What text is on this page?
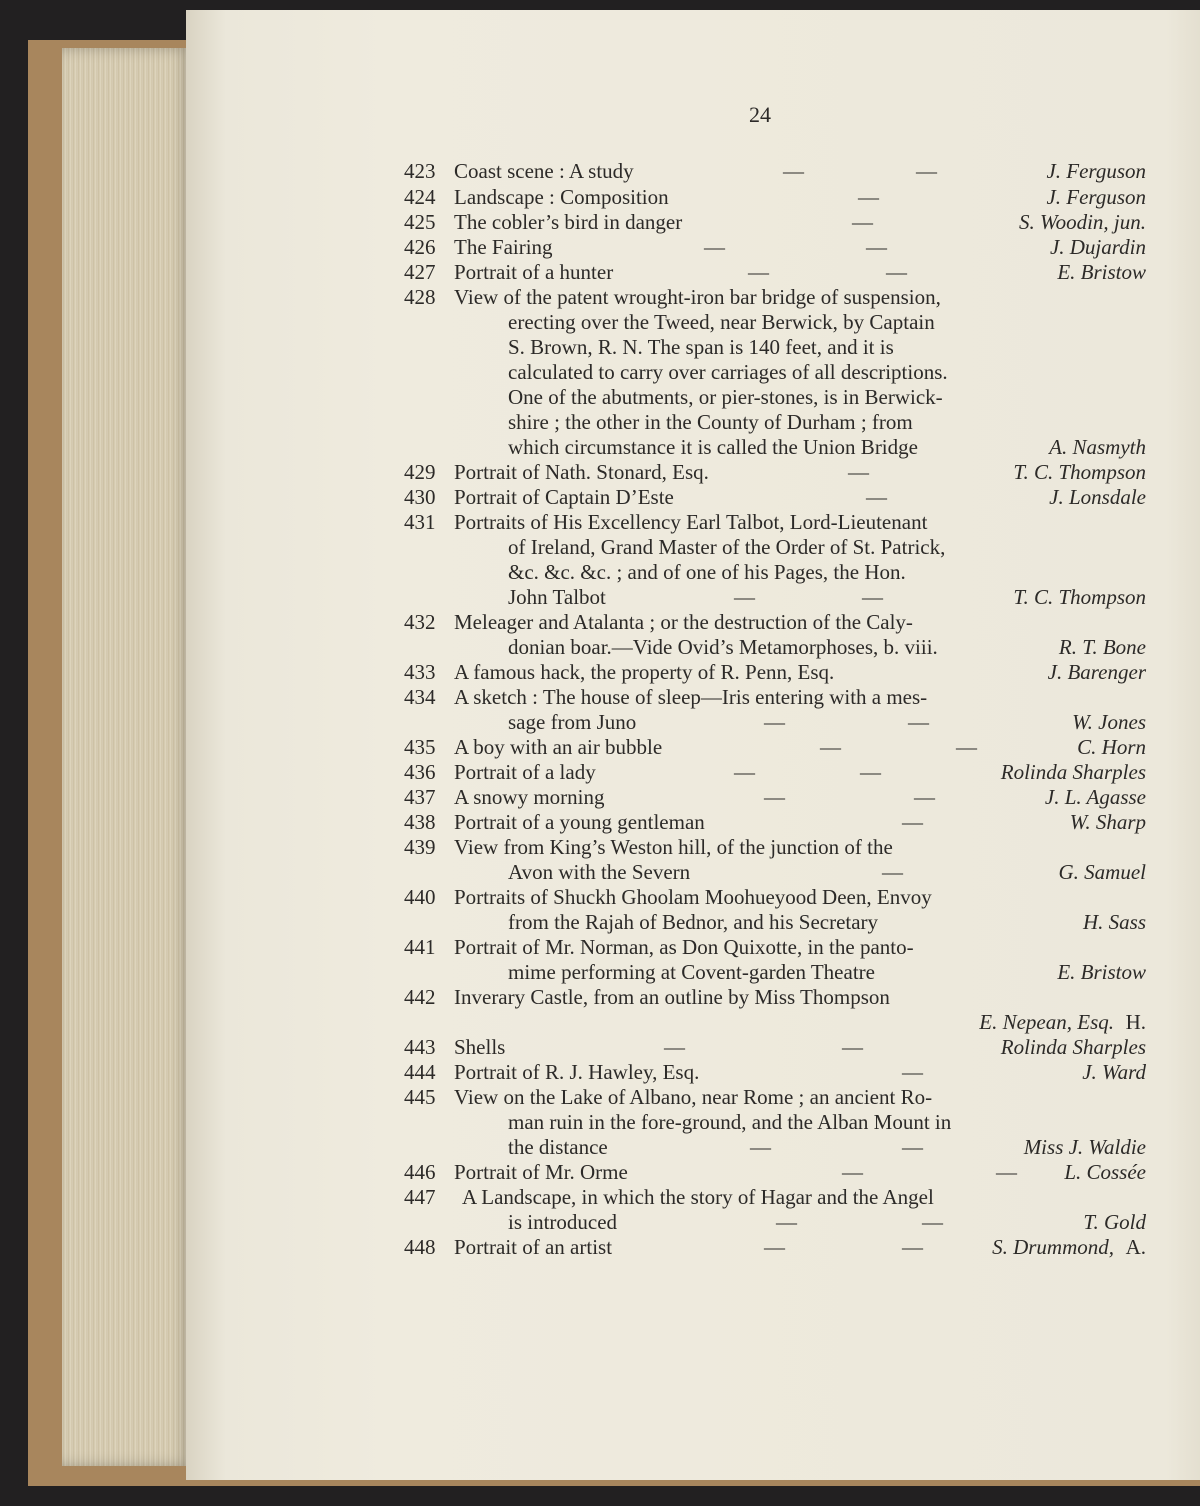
24
423 Coast scene : A study	—	—	J. Ferguson
424 Landscape : Composition	—	J. Ferguson
425 The cobler’s bird in danger	—	S. Woodin, jun.
426 The Fairing	—	—	J. Dujardin
427 Portrait of a hunter	—	—	E. Bristow
428 View of the patent wrought-iron bar bridge of suspension,
erecting over the Tweed, near Berwick, by Captain
S. Brown, R. N. The span is 140 feet, and it is
calculated to carry over carriages of all descriptions.
One of the abutments, or pier-stones, is in Berwick-
shire ; the other in the County of Durham ; from
which circumstance it is called the Union Bridge	A. Nasmyth
429 Portrait of Nath. Stonard, Esq.	—	T. C. Thompson
430 Portrait of Captain D’Este	—	J. Lonsdale
431 Portraits of His Excellency Earl Talbot, Lord-Lieutenant
of Ireland, Grand Master of the Order of St. Patrick,
&c. &c. &c. ; and of one of his Pages, the Hon.
John Talbot	—	—	T. C. Thompson
432 Meleager and Atalanta ; or the destruction of the Caly-
donian boar.—Vide Ovid’s Metamorphoses, b. viii.	R. T. Bone
433 A famous hack, the property of R. Penn, Esq.	J. Barenger
434 A sketch : The house of sleep—Iris entering with a mes-
sage from Juno	—	—	W. Jones
435 A boy with an air bubble	—	—	C. Horn
436 Portrait of a lady	—	—	Rolinda Sharples
437 A snowy morning	—	—	J. L. Agasse
438 Portrait of a young gentleman	—	W. Sharp
439 View from King’s Weston hill, of the junction of the
Avon with the Severn	—	G. Samuel
440 Portraits of Shuckh Ghoolam Moohueyood Deen, Envoy
from the Rajah of Bednor, and his Secretary	H. Sass
441 Portrait of Mr. Norman, as Don Quixotte, in the panto-
mime performing at Covent-garden Theatre	E. Bristow
442 Inverary Castle, from an outline by Miss Thompson
E. Nepean, Esq. H.
443 Shells	—	—	Rolinda Sharples
444 Portrait of R. J. Hawley, Esq.	—	J. Ward
445 View on the Lake of Albano, near Rome ; an ancient Ro-
man ruin in the fore-ground, and the Alban Mount in
the distance	—	—	Miss J. Waldie
446 Portrait of Mr. Orme	—	— L. Cossée
447 A Landscape, in which the story of Hagar and the Angel
is introduced	—	—	T. Gold
448 Portrait of an artist	—	—	S. Drummond, A.
